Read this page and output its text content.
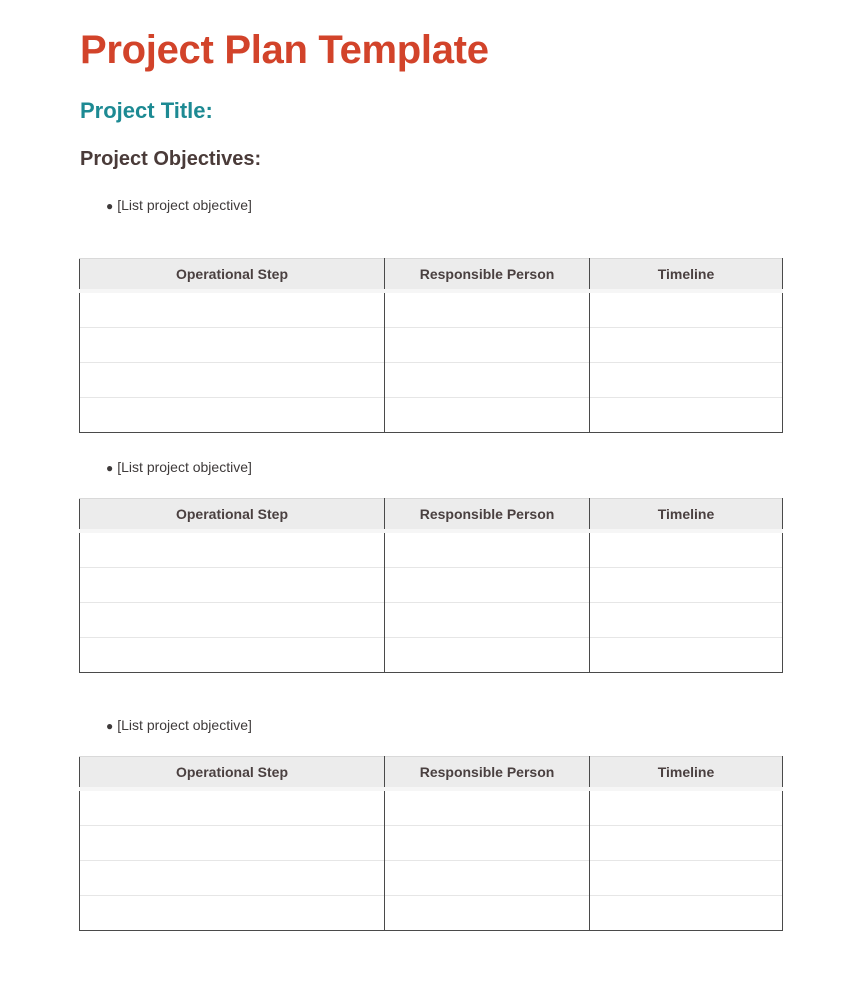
Project Plan Template
Project Title:
Project Objectives:

● [List project objective]

Operational Step	Responsible Person	Timeline

● [List project objective]

Operational Step	Responsible Person	Timeline

● [List project objective]

Operational Step	Responsible Person	Timeline
